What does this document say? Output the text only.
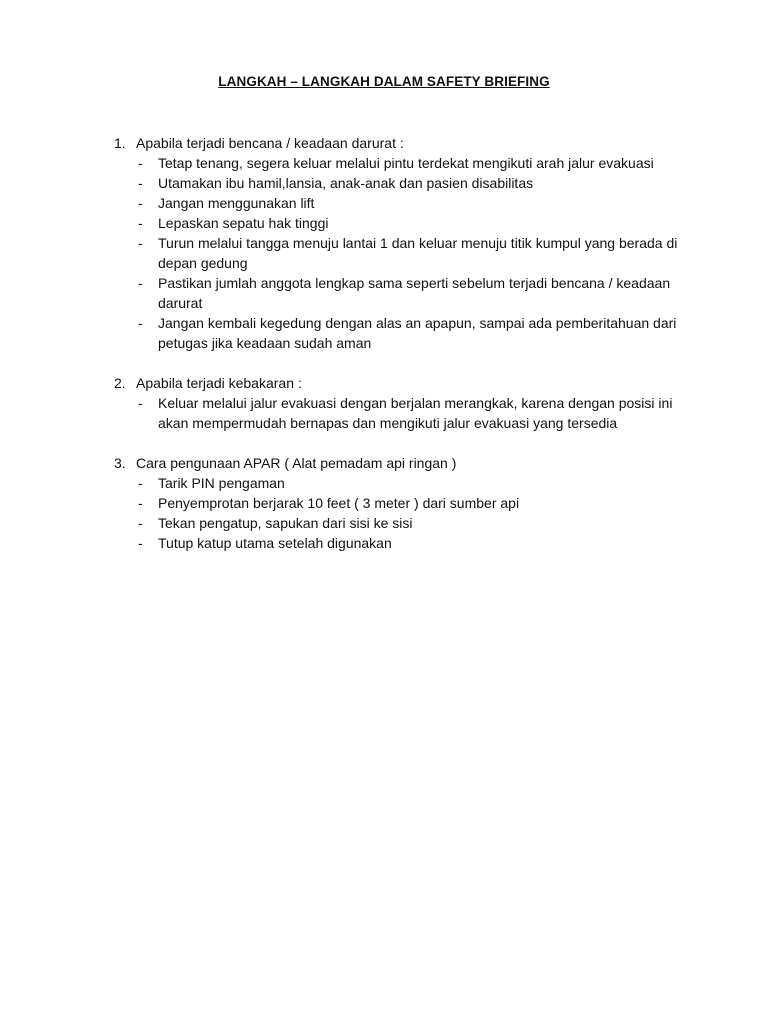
LANGKAH – LANGKAH DALAM SAFETY BRIEFING
1. Apabila terjadi bencana / keadaan darurat :
-	Tetap tenang, segera keluar melalui pintu terdekat mengikuti arah jalur evakuasi
-	Utamakan ibu hamil,lansia, anak-anak dan pasien disabilitas
-	Jangan menggunakan lift
-	Lepaskan sepatu hak tinggi
-	Turun melalui tangga menuju lantai 1 dan keluar menuju titik kumpul yang berada di depan gedung
-	Pastikan jumlah anggota lengkap sama seperti sebelum terjadi bencana / keadaan darurat
-	Jangan kembali kegedung dengan alas an apapun, sampai ada pemberitahuan dari petugas jika keadaan sudah aman
2. Apabila terjadi kebakaran :
-	Keluar melalui jalur evakuasi dengan berjalan merangkak, karena dengan posisi ini akan mempermudah bernapas dan mengikuti jalur evakuasi yang tersedia
3. Cara pengunaan APAR ( Alat pemadam api ringan )
-	Tarik PIN pengaman
-	Penyemprotan berjarak 10 feet ( 3 meter ) dari sumber api
-	Tekan pengatup, sapukan dari sisi ke sisi
-	Tutup katup utama setelah digunakan
